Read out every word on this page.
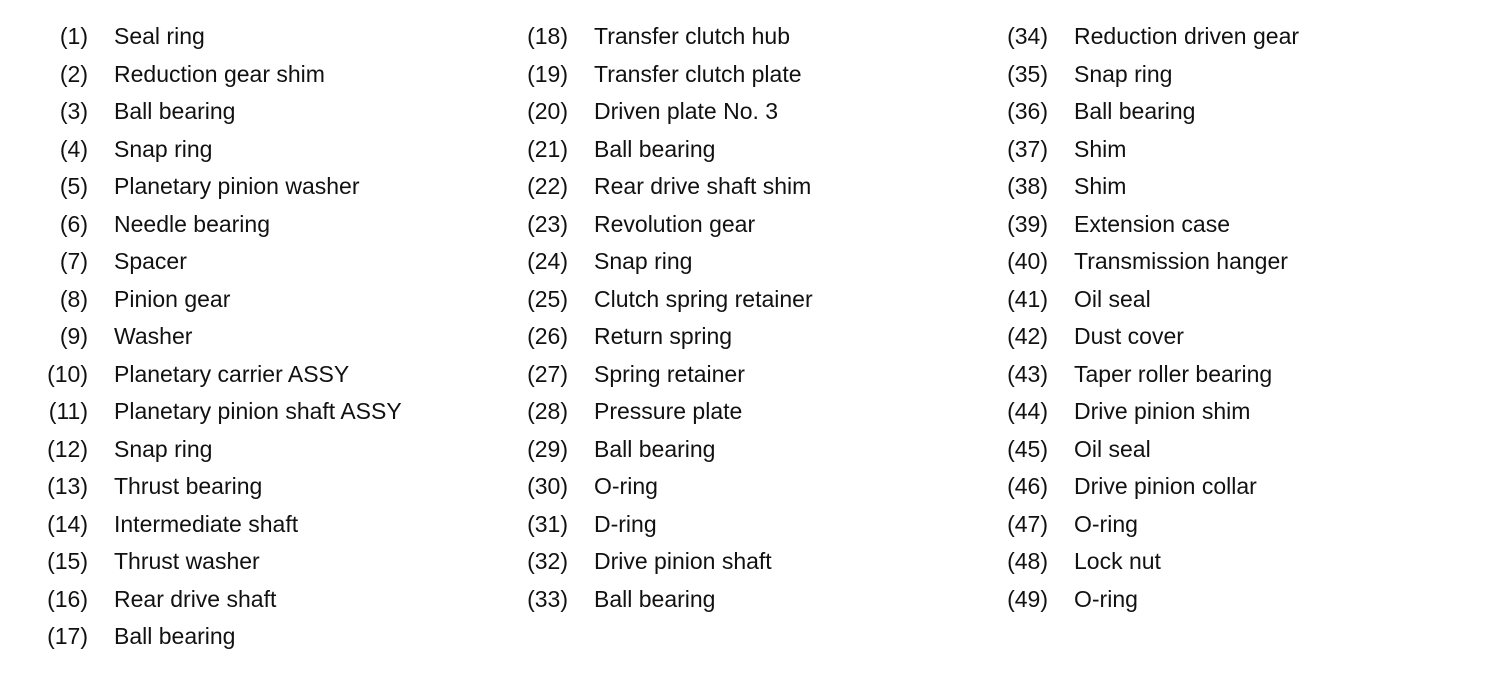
(1) Seal ring
(2) Reduction gear shim
(3) Ball bearing
(4) Snap ring
(5) Planetary pinion washer
(6) Needle bearing
(7) Spacer
(8) Pinion gear
(9) Washer
(10) Planetary carrier ASSY
(11) Planetary pinion shaft ASSY
(12) Snap ring
(13) Thrust bearing
(14) Intermediate shaft
(15) Thrust washer
(16) Rear drive shaft
(17) Ball bearing
(18) Transfer clutch hub
(19) Transfer clutch plate
(20) Driven plate No. 3
(21) Ball bearing
(22) Rear drive shaft shim
(23) Revolution gear
(24) Snap ring
(25) Clutch spring retainer
(26) Return spring
(27) Spring retainer
(28) Pressure plate
(29) Ball bearing
(30) O-ring
(31) D-ring
(32) Drive pinion shaft
(33) Ball bearing
(34) Reduction driven gear
(35) Snap ring
(36) Ball bearing
(37) Shim
(38) Shim
(39) Extension case
(40) Transmission hanger
(41) Oil seal
(42) Dust cover
(43) Taper roller bearing
(44) Drive pinion shim
(45) Oil seal
(46) Drive pinion collar
(47) O-ring
(48) Lock nut
(49) O-ring
